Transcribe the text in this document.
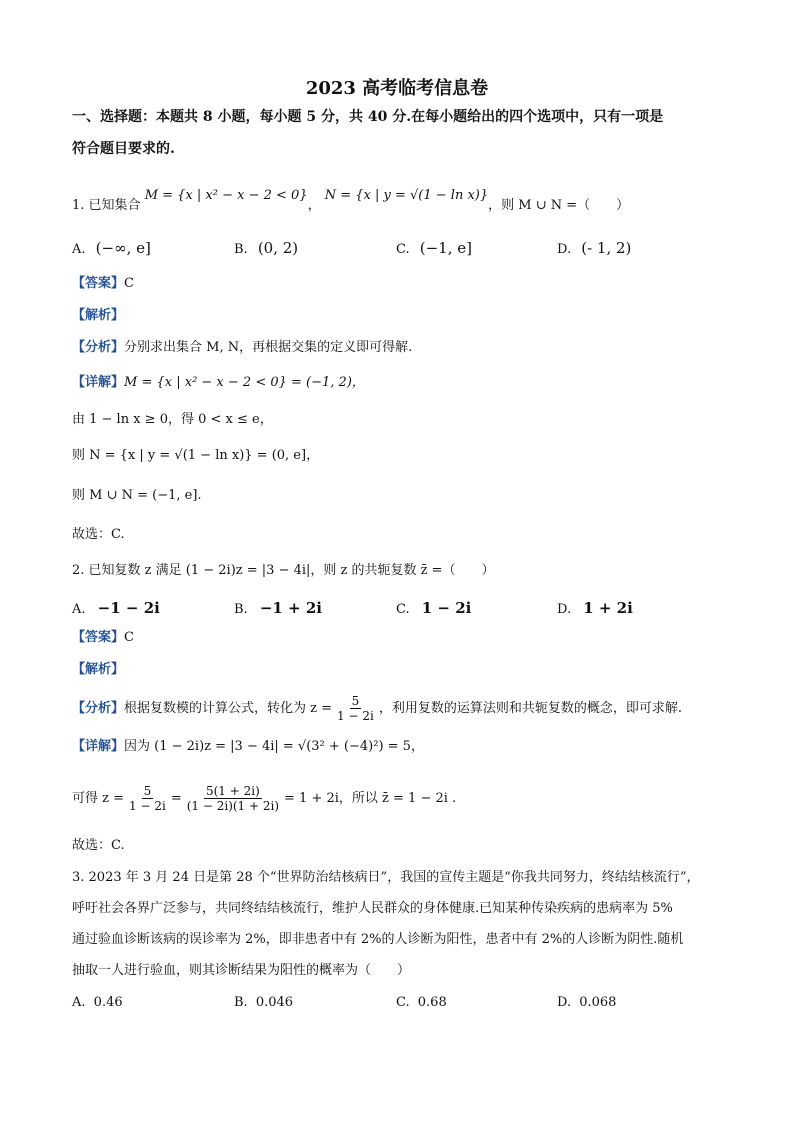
2023 高考临考信息卷
一、选择题：本题共 8 小题，每小题 5 分，共 40 分.在每小题给出的四个选项中，只有一项是
符合题目要求的.
1. 已知集合 M = {x | x² − x − 2 < 0}， N = {x | y = √(1 − ln x)}，则 M ∪ N =（　　）
A. (−∞, e]	B. (0, 2)	C. (−1, e]	D. (- 1, 2)
【答案】C
【解析】
【分析】分别求出集合 M, N，再根据交集的定义即可得解.
【详解】M = {x | x² − x − 2 < 0} = (−1, 2)，
由 1 − ln x ≥ 0，得 0 < x ≤ e，
则 N = {x | y = √(1 − ln x)} = (0, e]，
则 M ∪ N = (−1, e].
故选：C.
2. 已知复数 z 满足 (1 − 2i)z = |3 − 4i|，则 z 的共轭复数 z̄ =（　　）
A. −1 − 2i	B. −1 + 2i	C. 1 − 2i	D. 1 + 2i
【答案】C
【解析】
【分析】根据复数模的计算公式，转化为 $z = \frac{5}{1 - 2i}$ ，利用复数的运算法则和共轭复数的概念，即可求解.
【详解】因为 (1 − 2i)z = |3 − 4i| = √(3² + (−4)²) = 5，
可得 $z = \frac{5}{1 - 2i} = \frac{5(1 + 2i)}{(1 - 2i)(1 + 2i)} = 1 + 2i$，所以 z̄ = 1 − 2i .
故选：C.
3. 2023 年 3 月 24 日是第 28 个“世界防治结核病日”，我国的宣传主题是“你我共同努力，终结结核流行”，
呼吁社会各界广泛参与，共同终结结核流行，维护人民群众的身体健康.已知某种传染疾病的患病率为 5%
通过验血诊断该病的误诊率为 2%，即非患者中有 2%的人诊断为阳性，患者中有 2%的人诊断为阴性.随机
抽取一人进行验血，则其诊断结果为阳性的概率为（　　）
A. 0.46	B. 0.046	C. 0.68	D. 0.068
